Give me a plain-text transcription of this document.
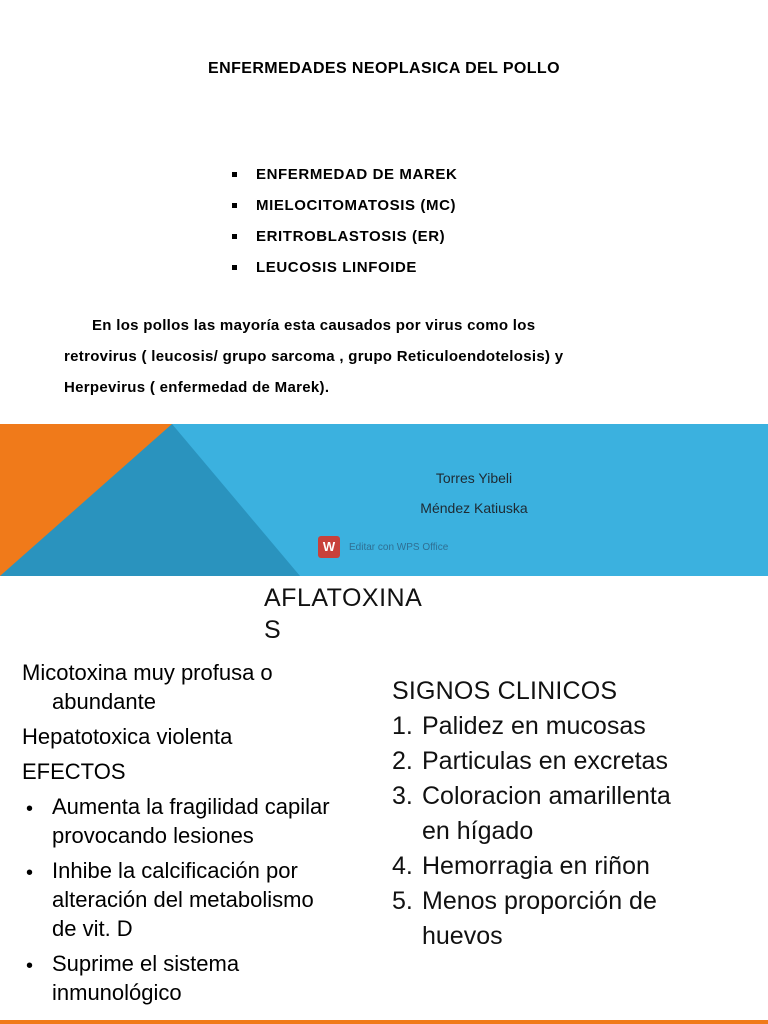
ENFERMEDADES NEOPLASICA DEL POLLO
ENFERMEDAD DE MAREK
MIELOCITOMATOSIS (MC)
ERITROBLASTOSIS (ER)
LEUCOSIS LINFOIDE
En los pollos las mayoría esta causados por virus como los
retrovirus ( leucosis/ grupo sarcoma , grupo Reticuloendotelosis) y
Herpevirus ( enfermedad de Marek).
Torres Yibeli
Méndez Katiuska
W	Editar con WPS Office
AFLATOXINA
S
Micotoxina muy profusa o
abundante
Hepatotoxica violenta
EFECTOS
• Aumenta la fragilidad capilar
provocando lesiones
• Inhibe la calcificación por
alteración del metabolismo
de vit. D
• Suprime el sistema
inmunológico
SIGNOS CLINICOS
1. Palidez en mucosas
2. Particulas en excretas
3. Coloracion amarillenta
en hígado
4. Hemorragia en riñon
5. Menos proporción de
huevos
